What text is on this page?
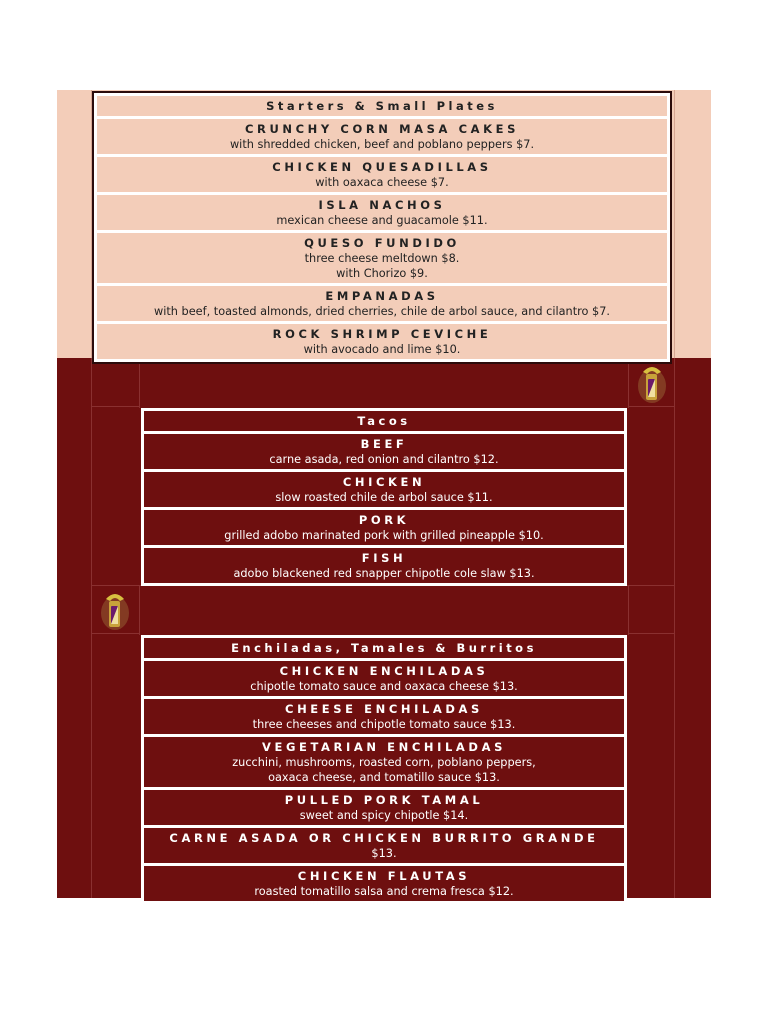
Starters & Small Plates

CRUNCHY CORN MASA CAKES
with shredded chicken, beef and poblano peppers $7.

CHICKEN QUESADILLAS
with oaxaca cheese $7.

ISLA NACHOS
mexican cheese and guacamole $11.

QUESO FUNDIDO
three cheese meltdown $8.
with Chorizo $9.

EMPANADAS
with beef, toasted almonds, dried cherries, chile de arbol sauce, and cilantro $7.

ROCK SHRIMP CEVICHE
with avocado and lime $10.
Tacos

BEEF
carne asada, red onion and cilantro $12.

CHICKEN
slow roasted chile de arbol sauce $11.

PORK
grilled adobo marinated pork with grilled pineapple $10.

FISH
adobo blackened red snapper chipotle cole slaw $13.
Enchiladas, Tamales & Burritos

CHICKEN ENCHILADAS
chipotle tomato sauce and oaxaca cheese $13.

CHEESE ENCHILADAS
three cheeses and chipotle tomato sauce $13.

VEGETARIAN ENCHILADAS
zucchini, mushrooms, roasted corn, poblano peppers,
oaxaca cheese, and tomatillo sauce $13.

PULLED PORK TAMAL
sweet and spicy chipotle $14.

CARNE ASADA OR CHICKEN BURRITO GRANDE
$13.

CHICKEN FLAUTAS
roasted tomatillo salsa and crema fresca $12.
